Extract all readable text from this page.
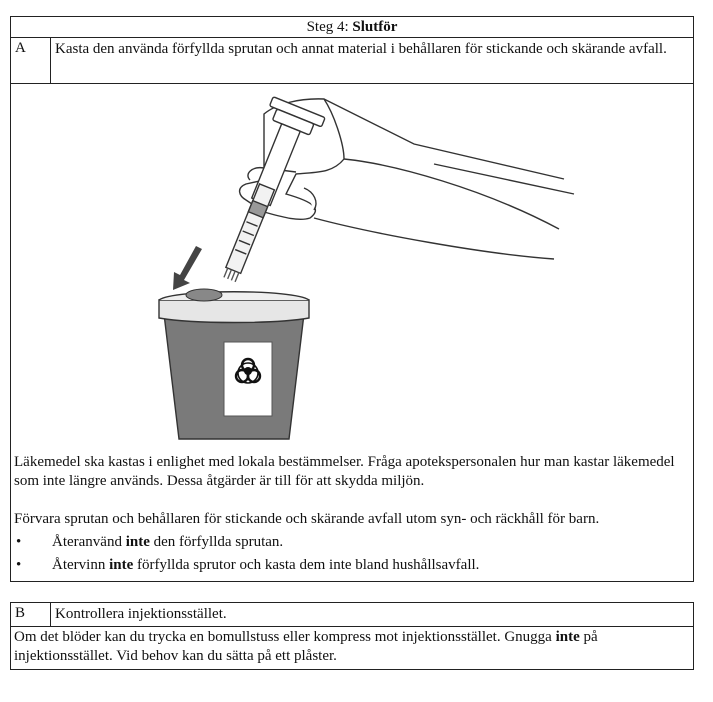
Steg 4: Slutför
A	Kasta den använda förfyllda sprutan och annat material i behållaren för stickande och skärande avfall.

Läkemedel ska kastas i enlighet med lokala bestämmelser. Fråga apotekspersonalen hur man kastar läkemedel som inte längre används. Dessa åtgärder är till för att skydda miljön.

Förvara sprutan och behållaren för stickande och skärande avfall utom syn- och räckhåll för barn.

•	Återanvänd inte den förfyllda sprutan.
•	Återvinn inte förfyllda sprutor och kasta dem inte bland hushållsavfall.
B	Kontrollera injektionsstället.

Om det blöder kan du trycka en bomullstuss eller kompress mot injektionsstället. Gnugga inte på injektionsstället. Vid behov kan du sätta på ett plåster.
